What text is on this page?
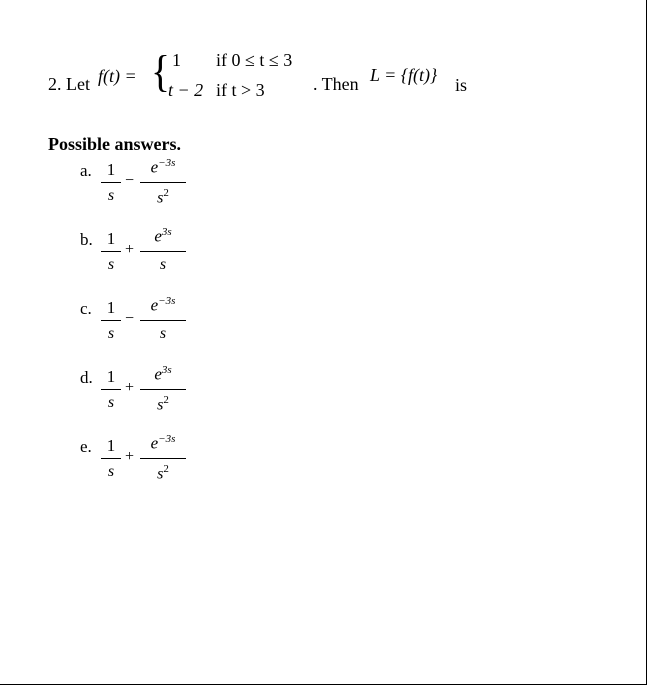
2. Let f(t) = { 1 if 0 ≤ t ≤ 3
t − 2 if t > 3	. Then L = {f(t)} is
Possible answers.
a. 1
s
−
$e^{-3s}$
$s^2$
b. 1
s
+
$e^{3s}$
s
c. 1
s
−
$e^{-3s}$
s
d. 1
s
+
$e^{3s}$
$s^2$
e. 1
s
+
$e^{-3s}$
$s^2$
